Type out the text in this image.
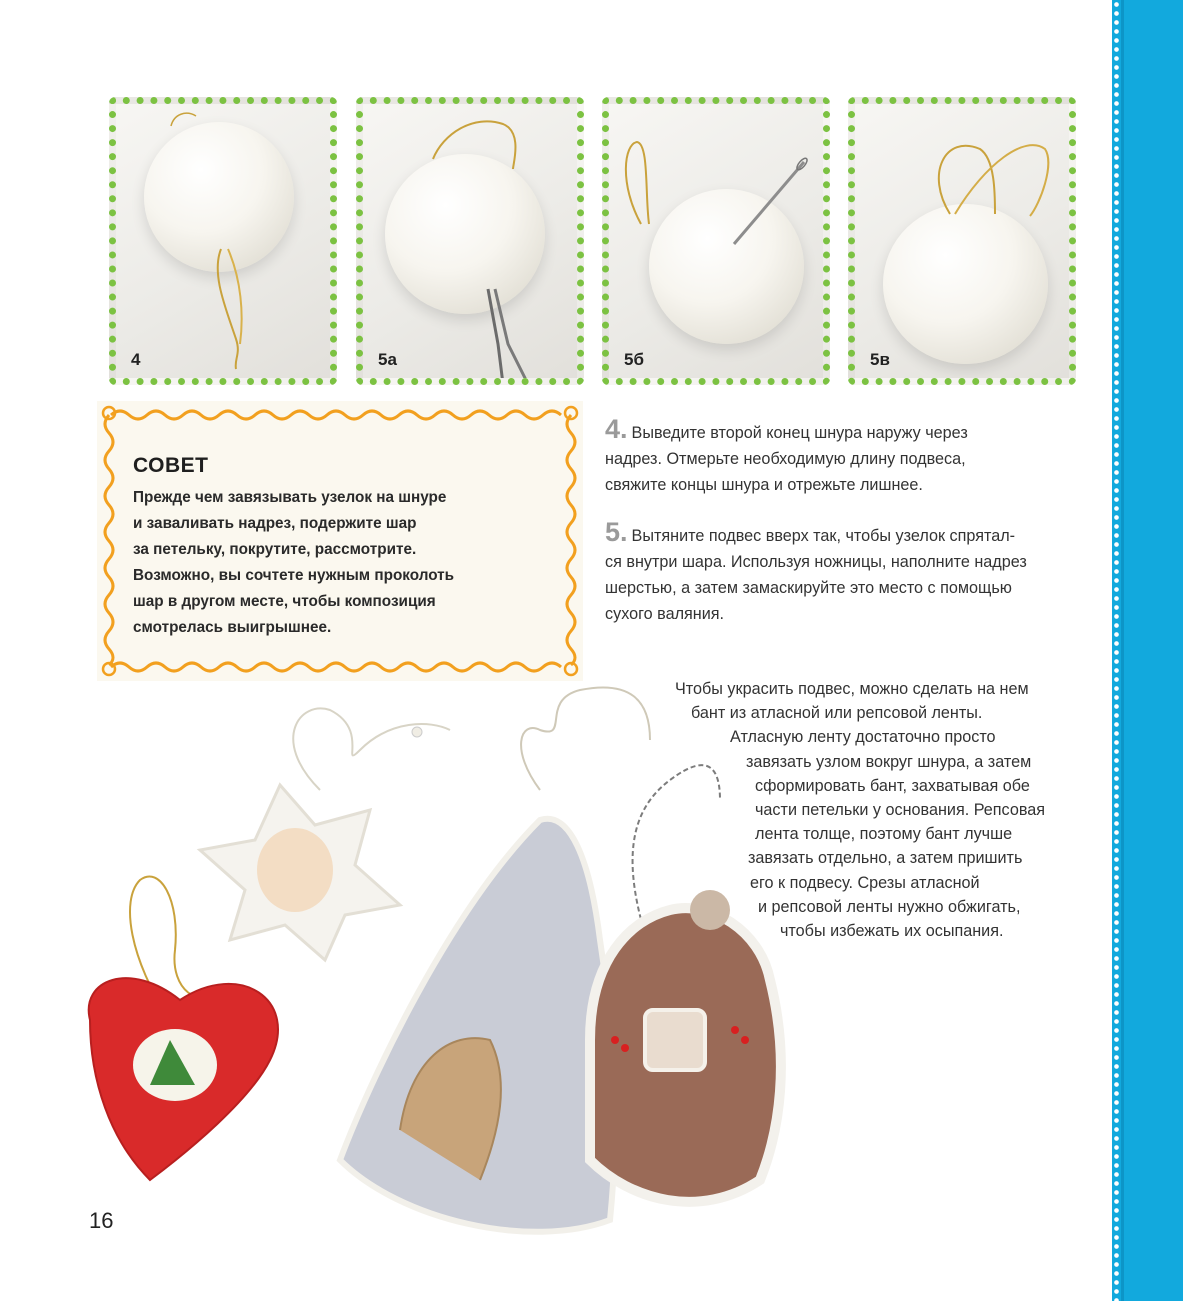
4	5а	5б	5в
СОВЕТ
Прежде чем завязывать узелок на шнуре
и заваливать надрез, подержите шар
за петельку, покрутите, рассмотрите.
Возможно, вы сочтете нужным проколоть
шар в другом месте, чтобы композиция
смотрелась выигрышнее.
4. Выведите второй конец шнура наружу через
надрез. Отмерьте необходимую длину подвеса,
свяжите концы шнура и отрежьте лишнее.
5. Вытяните подвес вверх так, чтобы узелок спрятал-
ся внутри шара. Используя ножницы, наполните надрез
шерстью, а затем замаскируйте это место с помощью
сухого валяния.
Чтобы украсить подвес, можно сделать на нем
бант из атласной или репсовой ленты.
Атласную ленту достаточно просто
завязать узлом вокруг шнура, а затем
сформировать бант, захватывая обе
части петельки у основания. Репсовая
лента толще, поэтому бант лучше
завязать отдельно, а затем пришить
его к подвесу. Срезы атласной
и репсовой ленты нужно обжигать,
чтобы избежать их осыпания.
16
